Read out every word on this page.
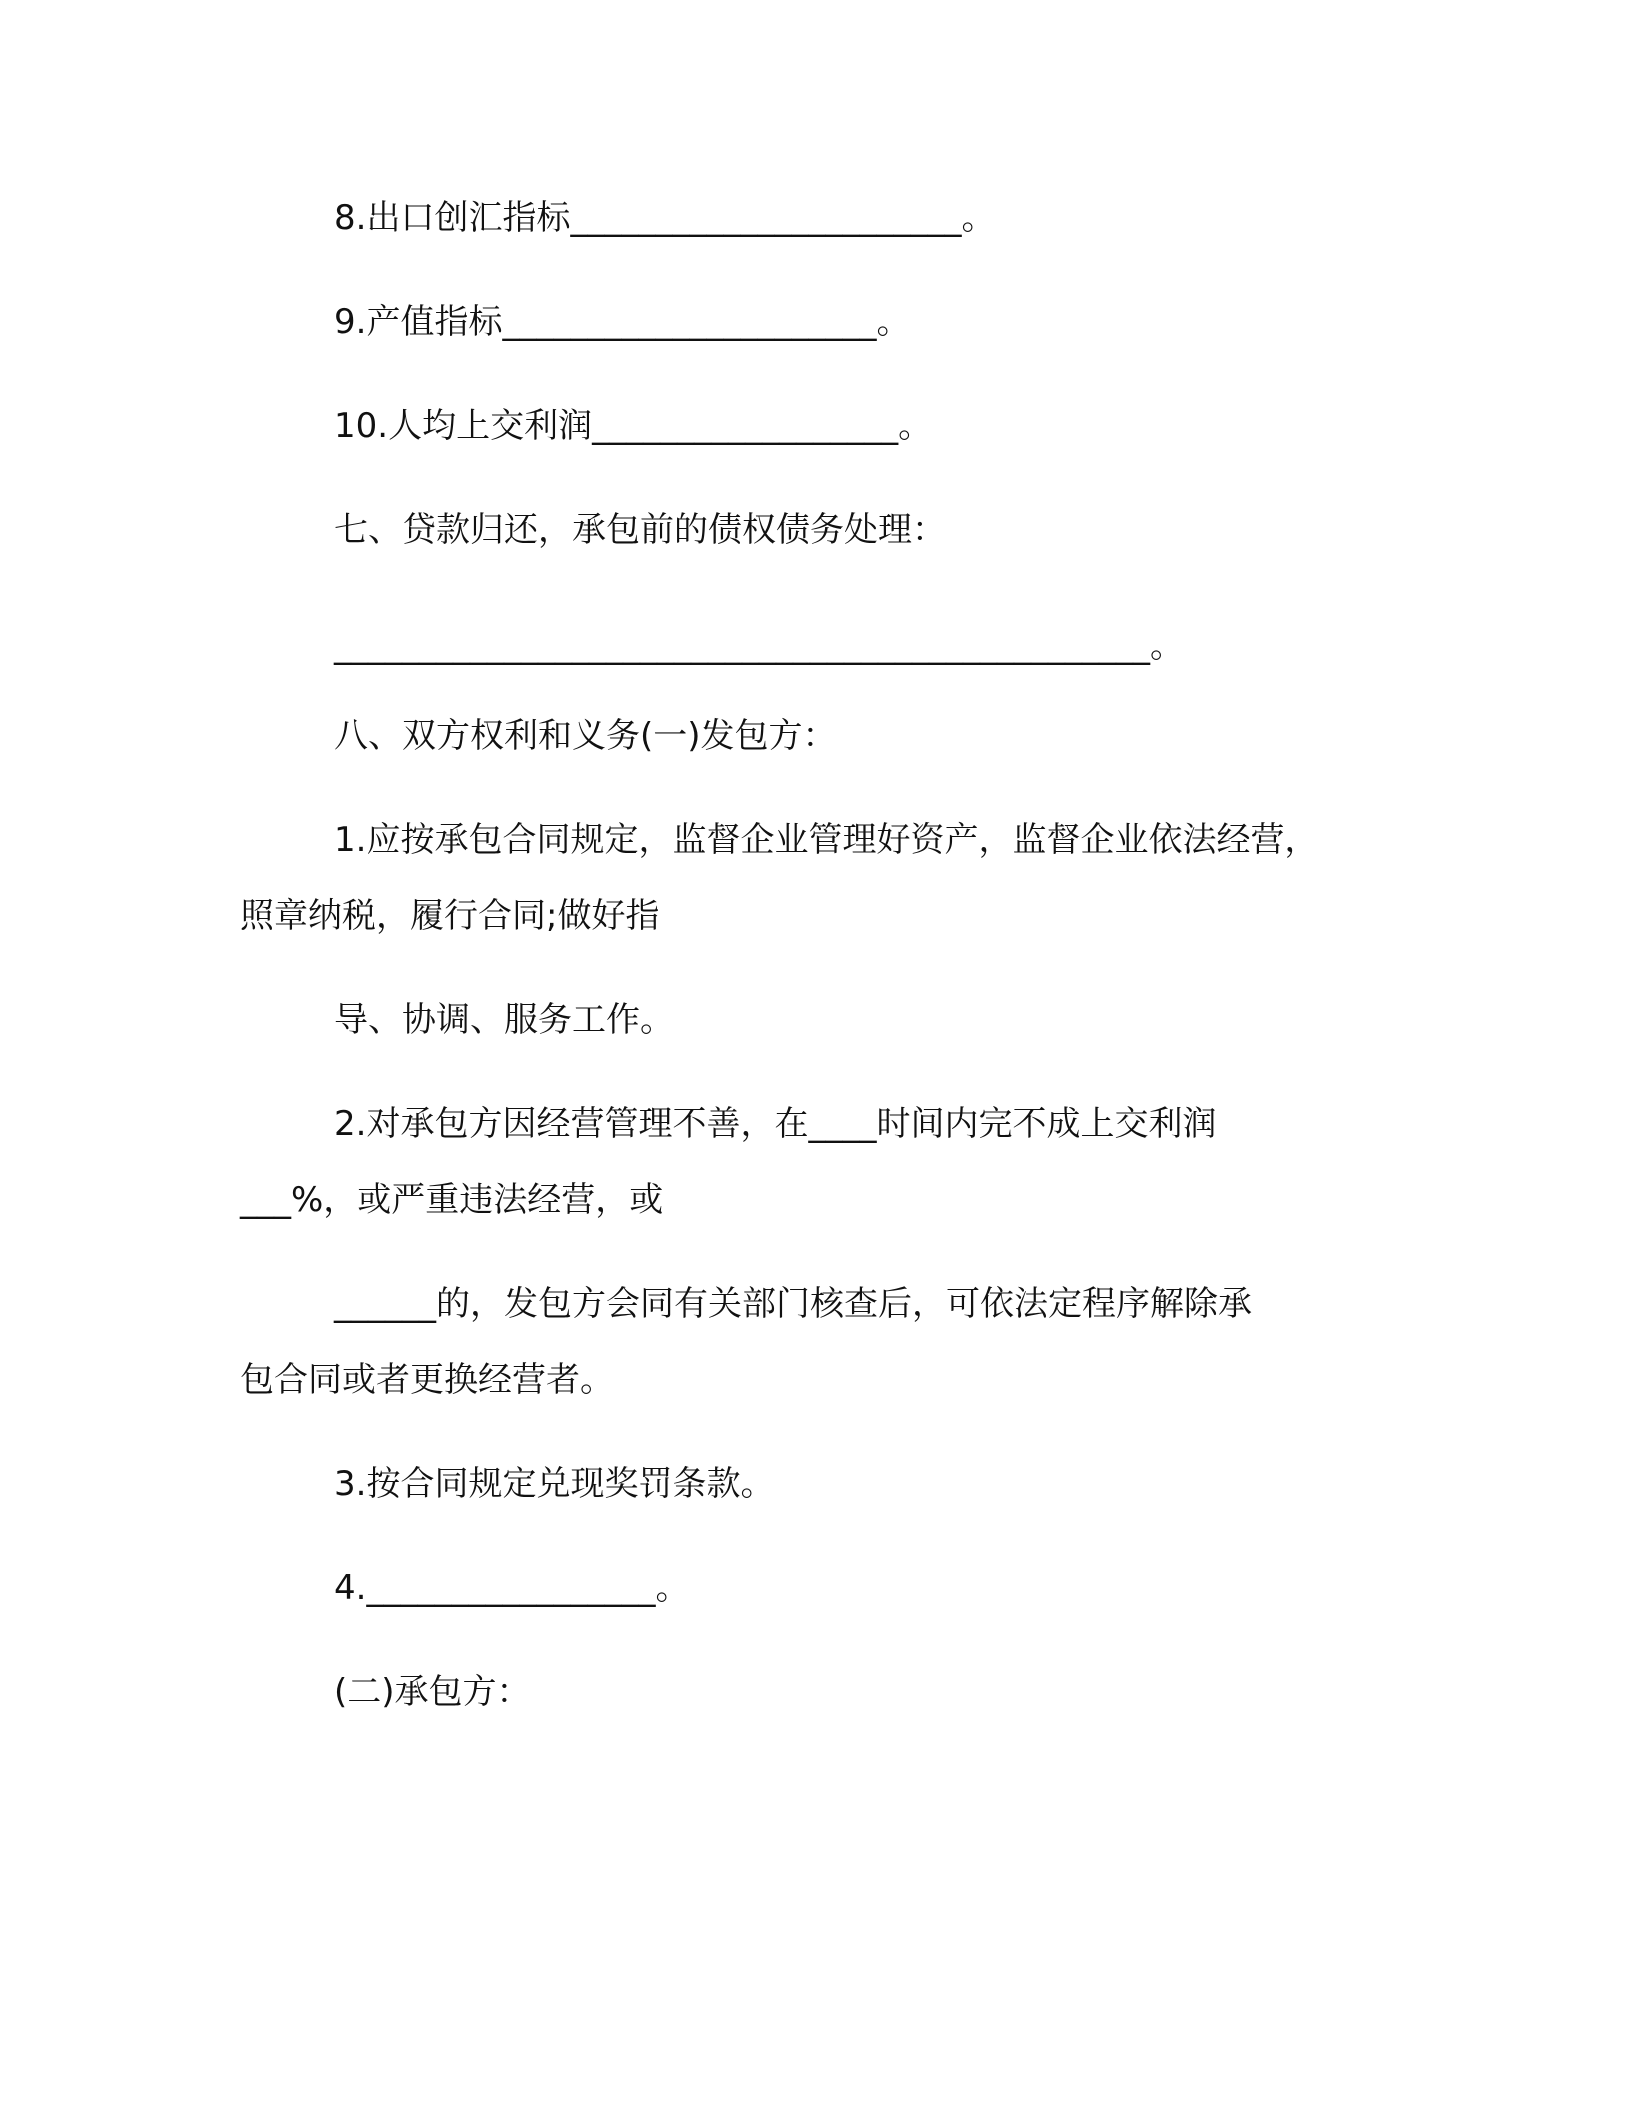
8.出口创汇指标_______________________。

9.产值指标______________________。

10.人均上交利润__________________。

七、贷款归还，承包前的债权债务处理：

________________________________________________。

八、双方权利和义务(一)发包方：

1.应按承包合同规定，监督企业管理好资产，监督企业依法经营，

照章纳税，履行合同;做好指

导、协调、服务工作。

2.对承包方因经营管理不善，在____时间内完不成上交利润

___%，或严重违法经营，或

______的，发包方会同有关部门核查后，可依法定程序解除承

包合同或者更换经营者。

3.按合同规定兑现奖罚条款。

4._________________。

(二)承包方：
